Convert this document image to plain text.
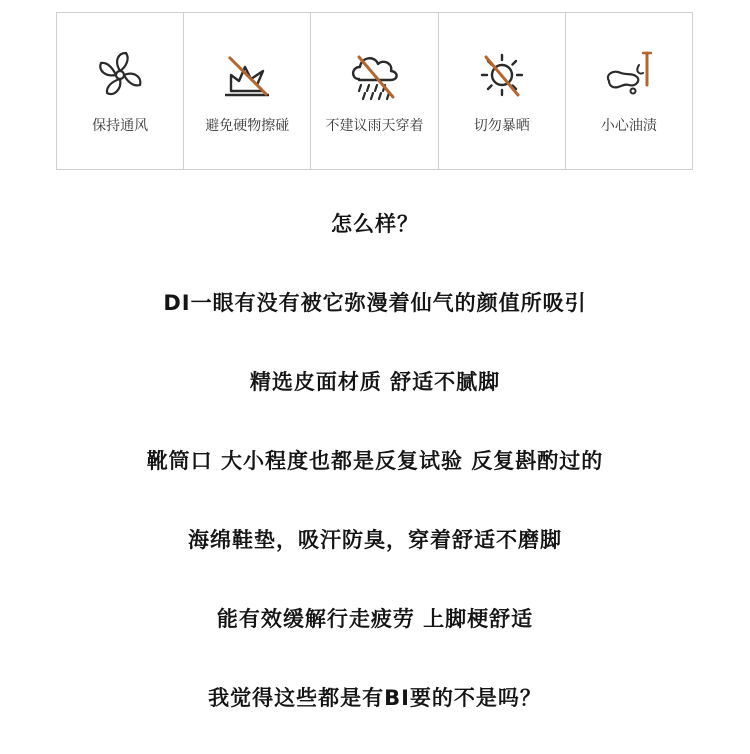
保持通风	避免硬物擦碰	不建议雨天穿着	切勿暴晒	小心油渍
怎么样？
DI一眼有没有被它弥漫着仙气的颜值所吸引
精选皮面材质 舒适不腻脚
靴筒口 大小程度也都是反复试验 反复斟酌过的
海绵鞋垫，吸汗防臭，穿着舒适不磨脚
能有效缓解行走疲劳 上脚梗舒适
我觉得这些都是有BI要的不是吗？
